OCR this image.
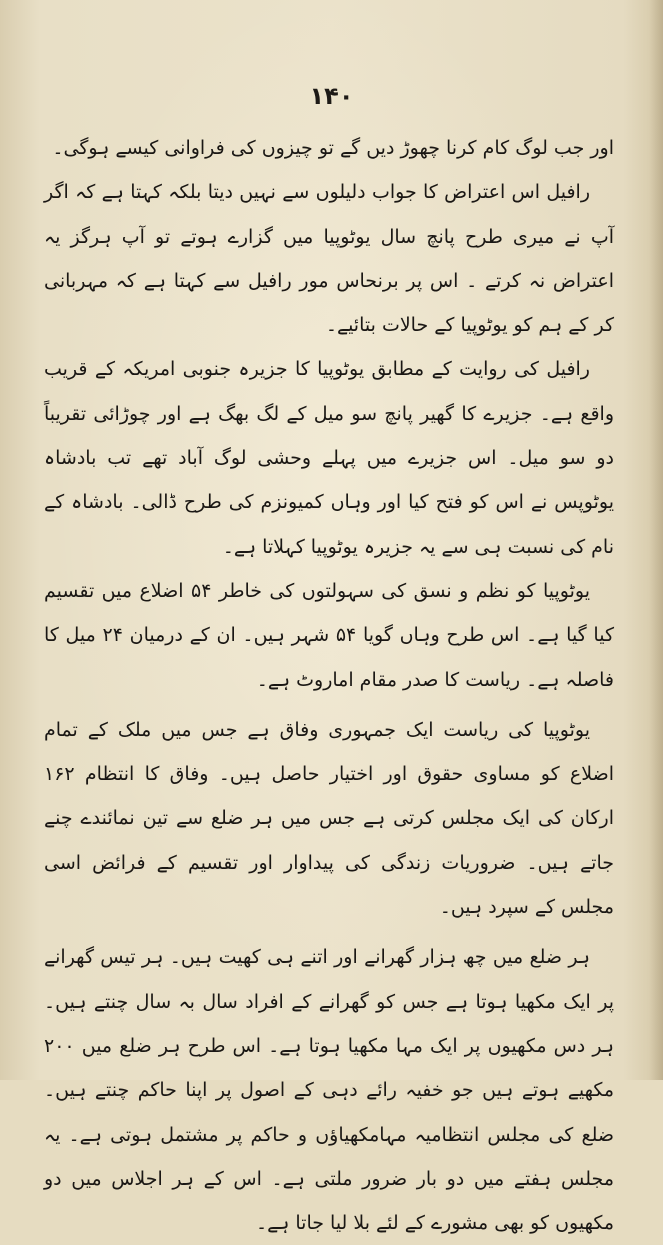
۱۴۰

اور جب لوگ کام کرنا چھوڑ دیں گے تو چیزوں کی فراوانی کیسے ہوگی۔

رافیل اس اعتراض کا جواب دلیلوں سے نہیں دیتا بلکہ کہتا ہے کہ اگر آپ نے میری طرح پانچ سال یوٹوپیا میں گزارے ہوتے تو آپ ہرگز یہ اعتراض نہ کرتے ۔ اس پر برنحاس مور رافیل سے کہتا ہے کہ مہربانی کر کے ہم کو یوٹوپیا کے حالات بتائیے۔

رافیل کی روایت کے مطابق یوٹوپیا کا جزیرہ جنوبی امریکہ کے قریب واقع ہے۔ جزیرے کا گھیر پانچ سو میل کے لگ بھگ ہے اور چوڑائی تقریباً دو سو میل۔ اس جزیرے میں پہلے وحشی لوگ آباد تھے تب بادشاہ یوٹوپس نے اس کو فتح کیا اور وہاں کمیونزم کی طرح ڈالی۔ بادشاہ کے نام کی نسبت ہی سے یہ جزیرہ یوٹوپیا کہلاتا ہے۔

یوٹوپیا کو نظم و نسق کی سہولتوں کی خاطر ۵۴ اضلاع میں تقسیم کیا گیا ہے۔ اس طرح وہاں گویا ۵۴ شہر ہیں۔ ان کے درمیان ۲۴ میل کا فاصلہ ہے۔ ریاست کا صدر مقام اماروٹ ہے۔

یوٹوپیا کی ریاست ایک جمہوری وفاق ہے جس میں ملک کے تمام اضلاع کو مساوی حقوق اور اختیار حاصل ہیں۔ وفاق کا انتظام ۱۶۲ ارکان کی ایک مجلس کرتی ہے جس میں ہر ضلع سے تین نمائندے چنے جاتے ہیں۔ ضروریات زندگی کی پیداوار اور تقسیم کے فرائض اسی مجلس کے سپرد ہیں۔

ہر ضلع میں چھ ہزار گھرانے اور اتنے ہی کھیت ہیں۔ ہر تیس گھرانے پر ایک مکھیا ہوتا ہے جس کو گھرانے کے افراد سال بہ سال چنتے ہیں۔ ہر دس مکھیوں پر ایک مہا مکھیا ہوتا ہے۔ اس طرح ہر ضلع میں ۲۰۰ مکھیے ہوتے ہیں جو خفیہ رائے دہی کے اصول پر اپنا حاکم چنتے ہیں۔ ضلع کی مجلس انتظامیہ مہامکھیاؤں و حاکم پر مشتمل ہوتی ہے۔ یہ مجلس ہفتے میں دو بار ضرور ملتی ہے۔ اس کے ہر اجلاس میں دو مکھیوں کو بھی مشورے کے لئے بلا لیا جاتا ہے۔
